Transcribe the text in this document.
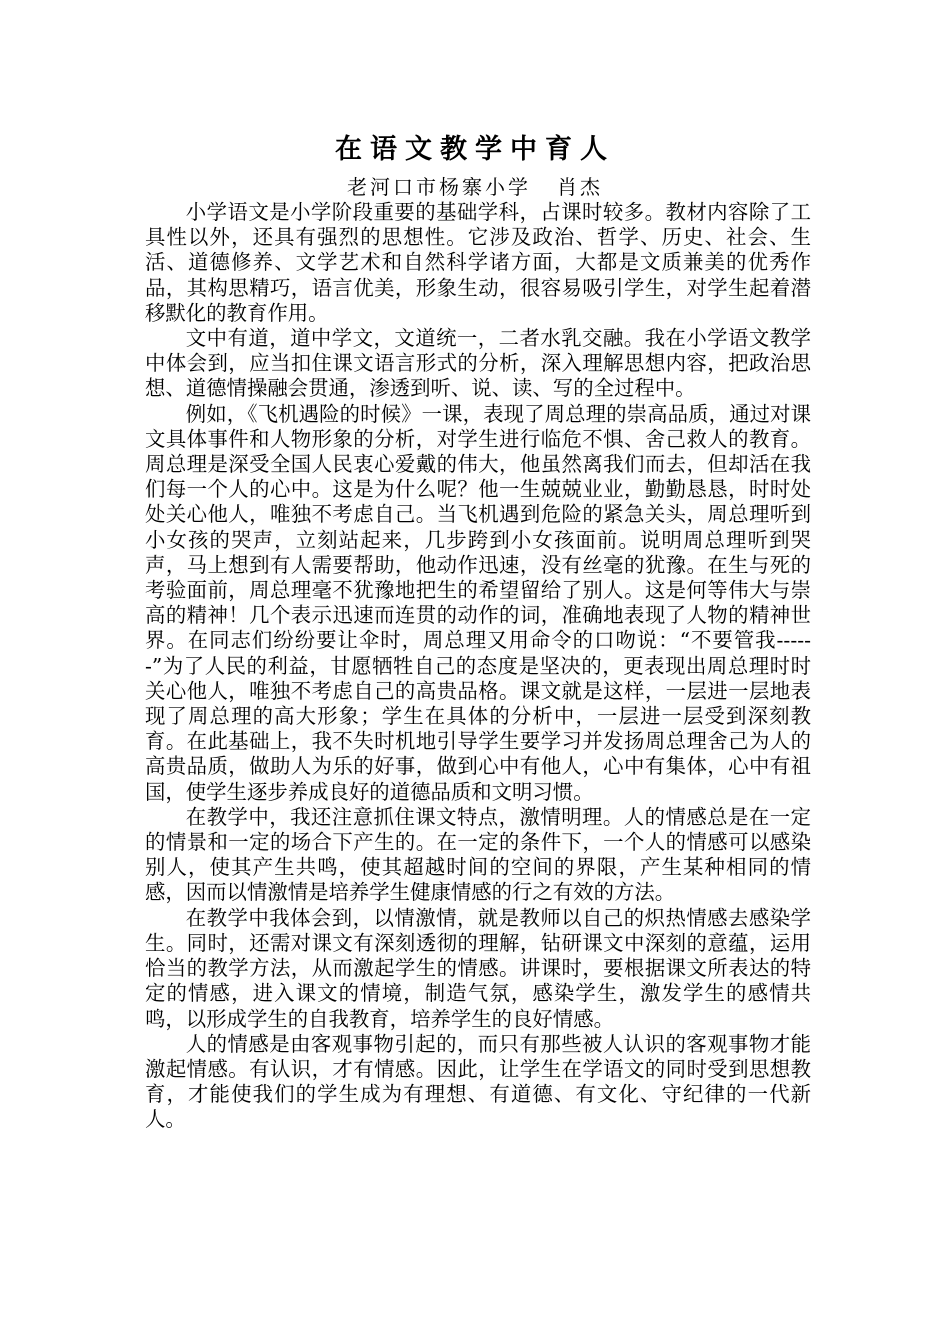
在语文教学中育人
老河口市杨寨小学 肖杰

小学语文是小学阶段重要的基础学科，占课时较多。教材内容除了工具性以外，还具有强烈的思想性。它涉及政治、哲学、历史、社会、生活、道德修养、文学艺术和自然科学诸方面，大都是文质兼美的优秀作品，其构思精巧，语言优美，形象生动，很容易吸引学生，对学生起着潜移默化的教育作用。

文中有道，道中学文，文道统一，二者水乳交融。我在小学语文教学中体会到，应当扣住课文语言形式的分析，深入理解思想内容，把政治思想、道德情操融会贯通，渗透到听、说、读、写的全过程中。

例如，《飞机遇险的时候》一课，表现了周总理的崇高品质，通过对课文具体事件和人物形象的分析，对学生进行临危不惧、舍己救人的教育。周总理是深受全国人民衷心爱戴的伟大，他虽然离我们而去，但却活在我们每一个人的心中。这是为什么呢？他一生兢兢业业，勤勤恳恳，时时处处关心他人，唯独不考虑自己。当飞机遇到危险的紧急关头，周总理听到小女孩的哭声，立刻站起来，几步跨到小女孩面前。说明周总理听到哭声，马上想到有人需要帮助，他动作迅速，没有丝毫的犹豫。在生与死的考验面前，周总理毫不犹豫地把生的希望留给了别人。这是何等伟大与崇高的精神！几个表示迅速而连贯的动作的词，准确地表现了人物的精神世界。在同志们纷纷要让伞时，周总理又用命令的口吻说：“不要管我------”为了人民的利益，甘愿牺牲自己的态度是坚决的，更表现出周总理时时关心他人，唯独不考虑自己的高贵品格。课文就是这样，一层进一层地表现了周总理的高大形象；学生在具体的分析中，一层进一层受到深刻教育。在此基础上，我不失时机地引导学生要学习并发扬周总理舍己为人的高贵品质，做助人为乐的好事，做到心中有他人，心中有集体，心中有祖国，使学生逐步养成良好的道德品质和文明习惯。

在教学中，我还注意抓住课文特点，激情明理。人的情感总是在一定的情景和一定的场合下产生的。在一定的条件下，一个人的情感可以感染别人，使其产生共鸣，使其超越时间的空间的界限，产生某种相同的情感，因而以情激情是培养学生健康情感的行之有效的方法。

在教学中我体会到，以情激情，就是教师以自己的炽热情感去感染学生。同时，还需对课文有深刻透彻的理解，钻研课文中深刻的意蕴，运用恰当的教学方法，从而激起学生的情感。讲课时，要根据课文所表达的特定的情感，进入课文的情境，制造气氛，感染学生，激发学生的感情共鸣，以形成学生的自我教育，培养学生的良好情感。

人的情感是由客观事物引起的，而只有那些被人认识的客观事物才能激起情感。有认识，才有情感。因此，让学生在学语文的同时受到思想教育，才能使我们的学生成为有理想、有道德、有文化、守纪律的一代新人。
